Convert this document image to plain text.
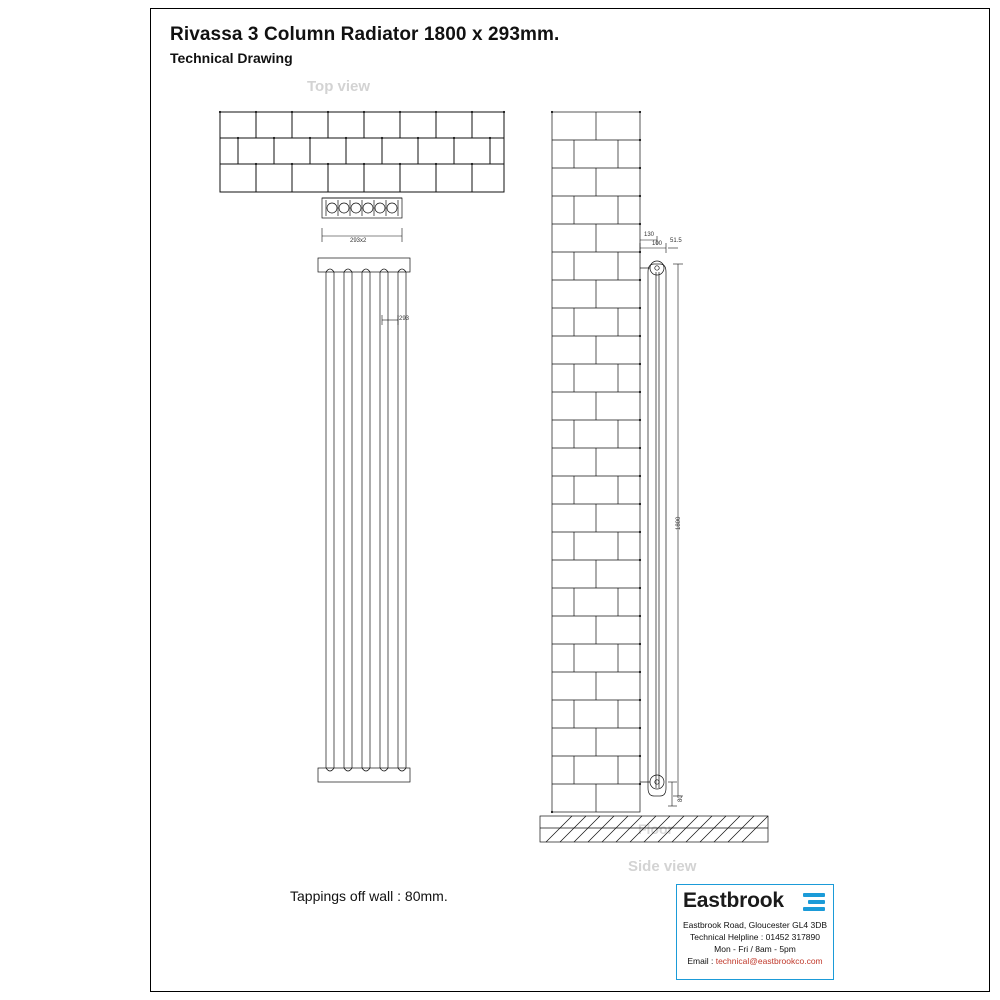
Rivassa 3 Column Radiator 1800 x 293mm.
Technical Drawing
Top view
Side view
Floor
Tappings off wall : 80mm.
293x2
293
1800
130
100 51.5
80
Eastbrook
Eastbrook Road, Gloucester GL4 3DB
Technical Helpline : 01452 317890
Mon - Fri / 8am - 5pm
Email : technical@eastbrookco.com
